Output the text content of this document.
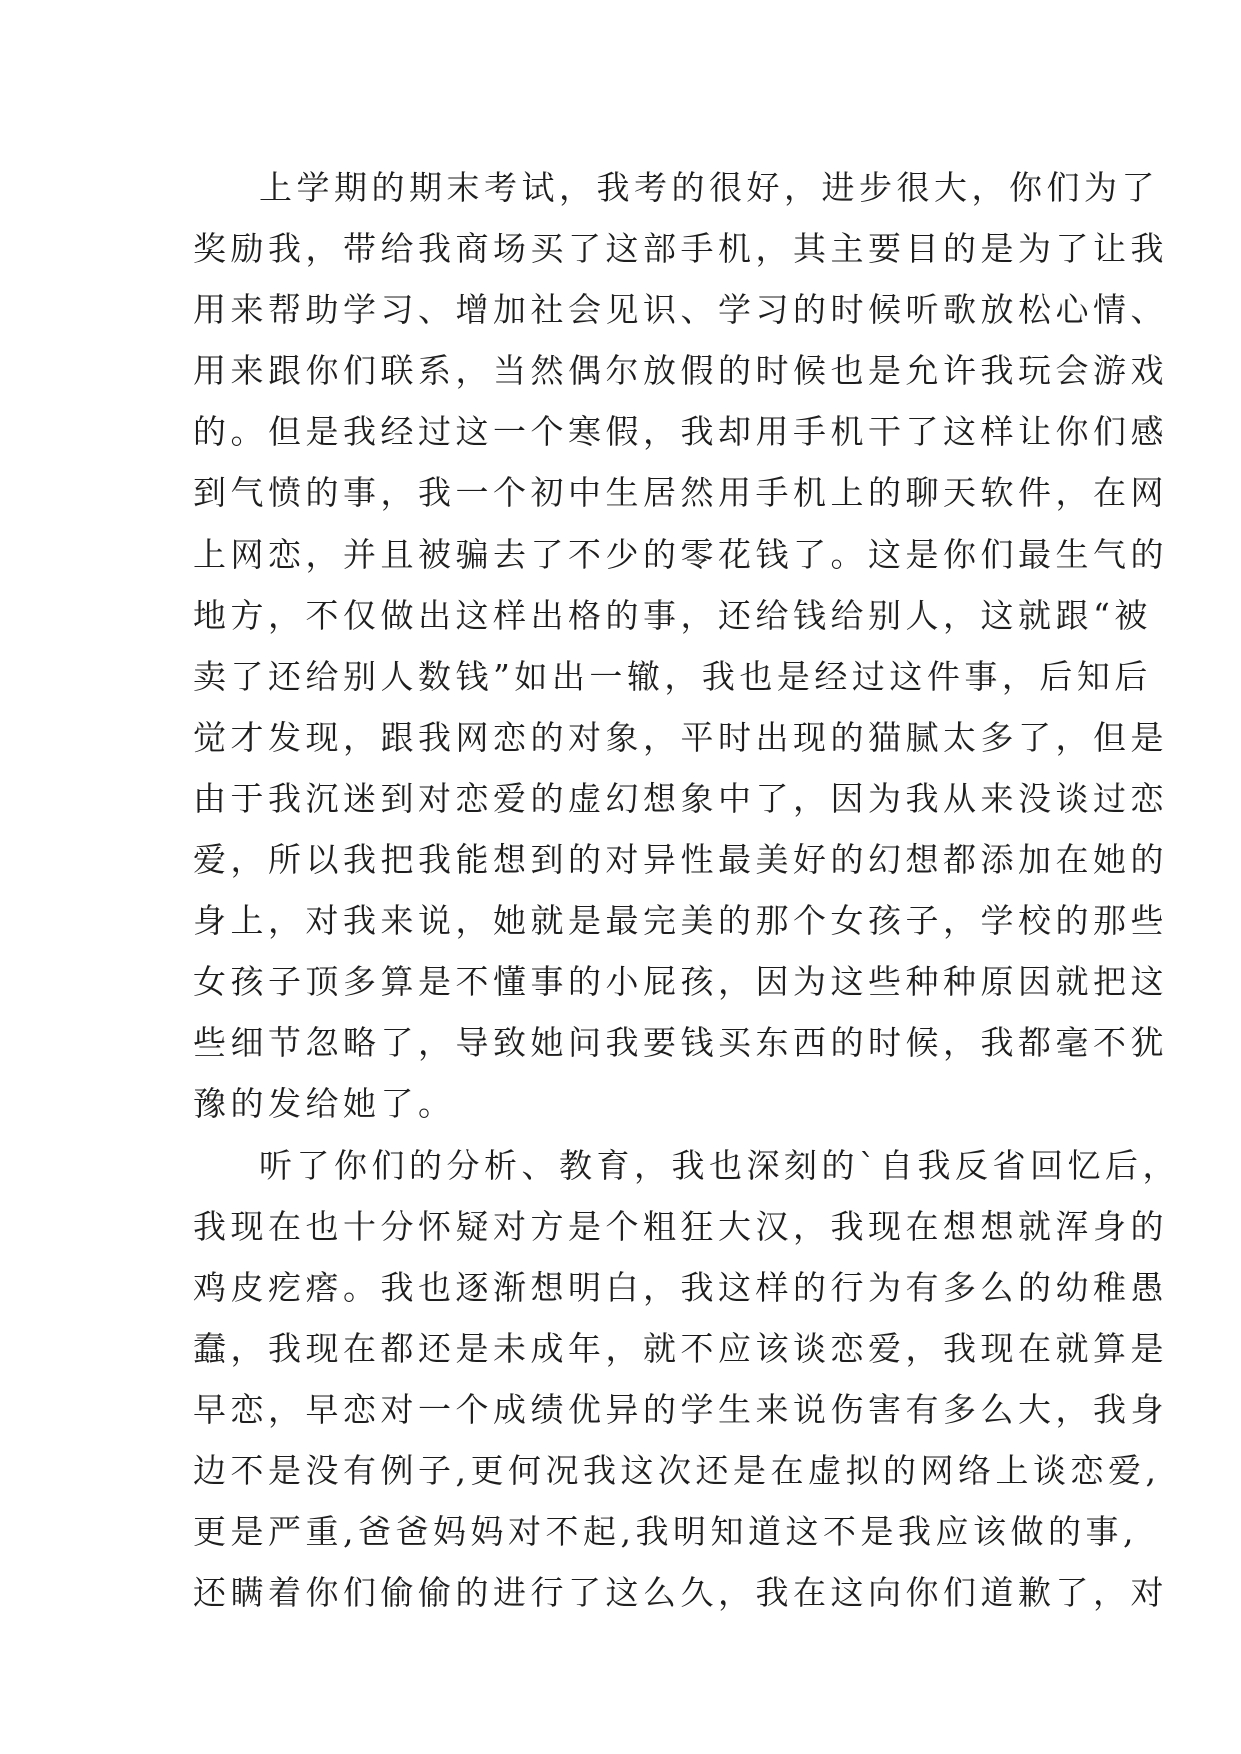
上学期的期末考试，我考的很好，进步很大，你们为了
奖励我，带给我商场买了这部手机，其主要目的是为了让我
用来帮助学习、增加社会见识、学习的时候听歌放松心情、
用来跟你们联系，当然偶尔放假的时候也是允许我玩会游戏
的。但是我经过这一个寒假，我却用手机干了这样让你们感
到气愤的事，我一个初中生居然用手机上的聊天软件，在网
上网恋，并且被骗去了不少的零花钱了。这是你们最生气的
地方，不仅做出这样出格的事，还给钱给别人，这就跟“被
卖了还给别人数钱”如出一辙，我也是经过这件事，后知后
觉才发现，跟我网恋的对象，平时出现的猫腻太多了，但是
由于我沉迷到对恋爱的虚幻想象中了，因为我从来没谈过恋
爱，所以我把我能想到的对异性最美好的幻想都添加在她的
身上，对我来说，她就是最完美的那个女孩子，学校的那些
女孩子顶多算是不懂事的小屁孩，因为这些种种原因就把这
些细节忽略了，导致她问我要钱买东西的时候，我都毫不犹
豫的发给她了。
听了你们的分析、教育，我也深刻的`自我反省回忆后，
我现在也十分怀疑对方是个粗狂大汉，我现在想想就浑身的
鸡皮疙瘩。我也逐渐想明白，我这样的行为有多么的幼稚愚
蠢，我现在都还是未成年，就不应该谈恋爱，我现在就算是
早恋，早恋对一个成绩优异的学生来说伤害有多么大，我身
边不是没有例子,更何况我这次还是在虚拟的网络上谈恋爱,
更是严重,爸爸妈妈对不起,我明知道这不是我应该做的事,
还瞒着你们偷偷的进行了这么久，我在这向你们道歉了，对
